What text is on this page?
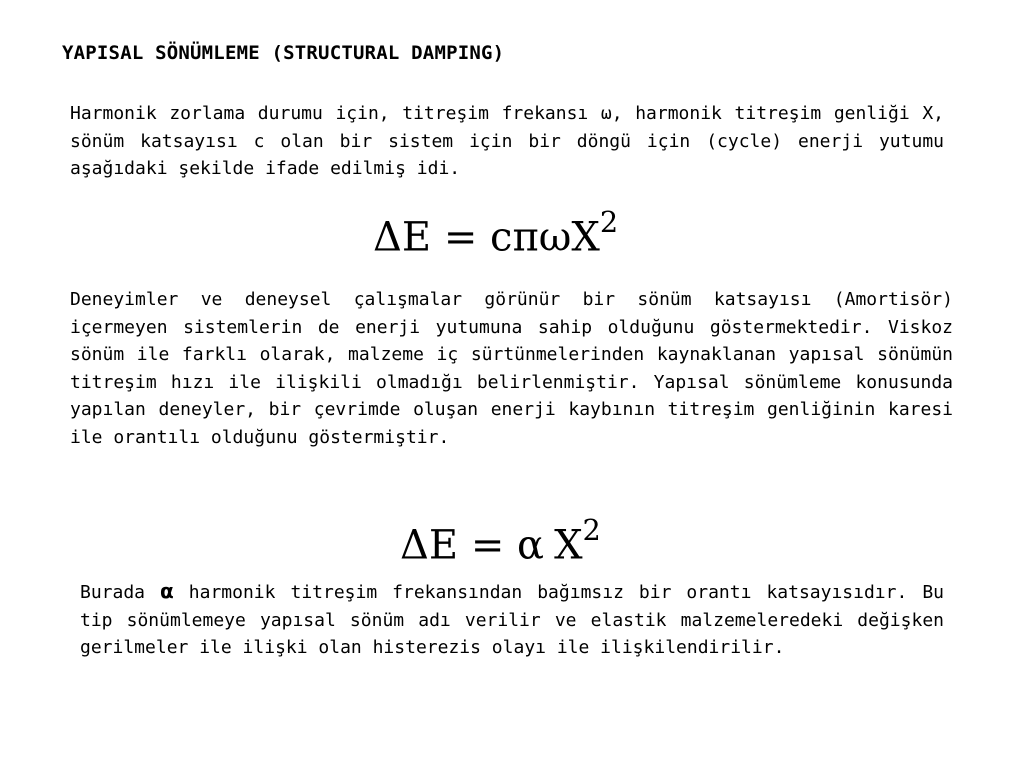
YAPISAL SÖNÜMLEME (STRUCTURAL DAMPING)

Harmonik zorlama durumu için, titreşim frekansı ω, harmonik titreşim genliği X, sönüm katsayısı c olan bir sistem için bir döngü için (cycle) enerji yutumu aşağıdaki şekilde ifade edilmiş idi.

ΔE = cπωX$^2$

Deneyimler ve deneysel çalışmalar görünür bir sönüm katsayısı (Amortisör) içermeyen sistemlerin de enerji yutumuna sahip olduğunu göstermektedir. Viskoz sönüm ile farklı olarak, malzeme iç sürtünmelerinden kaynaklanan yapısal sönümün titreşim hızı ile ilişkili olmadığı belirlenmiştir. Yapısal sönümleme konusunda yapılan deneyler, bir çevrimde oluşan enerji kaybının titreşim genliğinin karesi ile orantılı olduğunu göstermiştir.

ΔE = α $X^2$

Burada α harmonik titreşim frekansından bağımsız bir orantı katsayısıdır. Bu tip sönümlemeye yapısal sönüm adı verilir ve elastik malzemeleredeki değişken gerilmeler ile ilişki olan histerezis olayı ile ilişkilendirilir.
